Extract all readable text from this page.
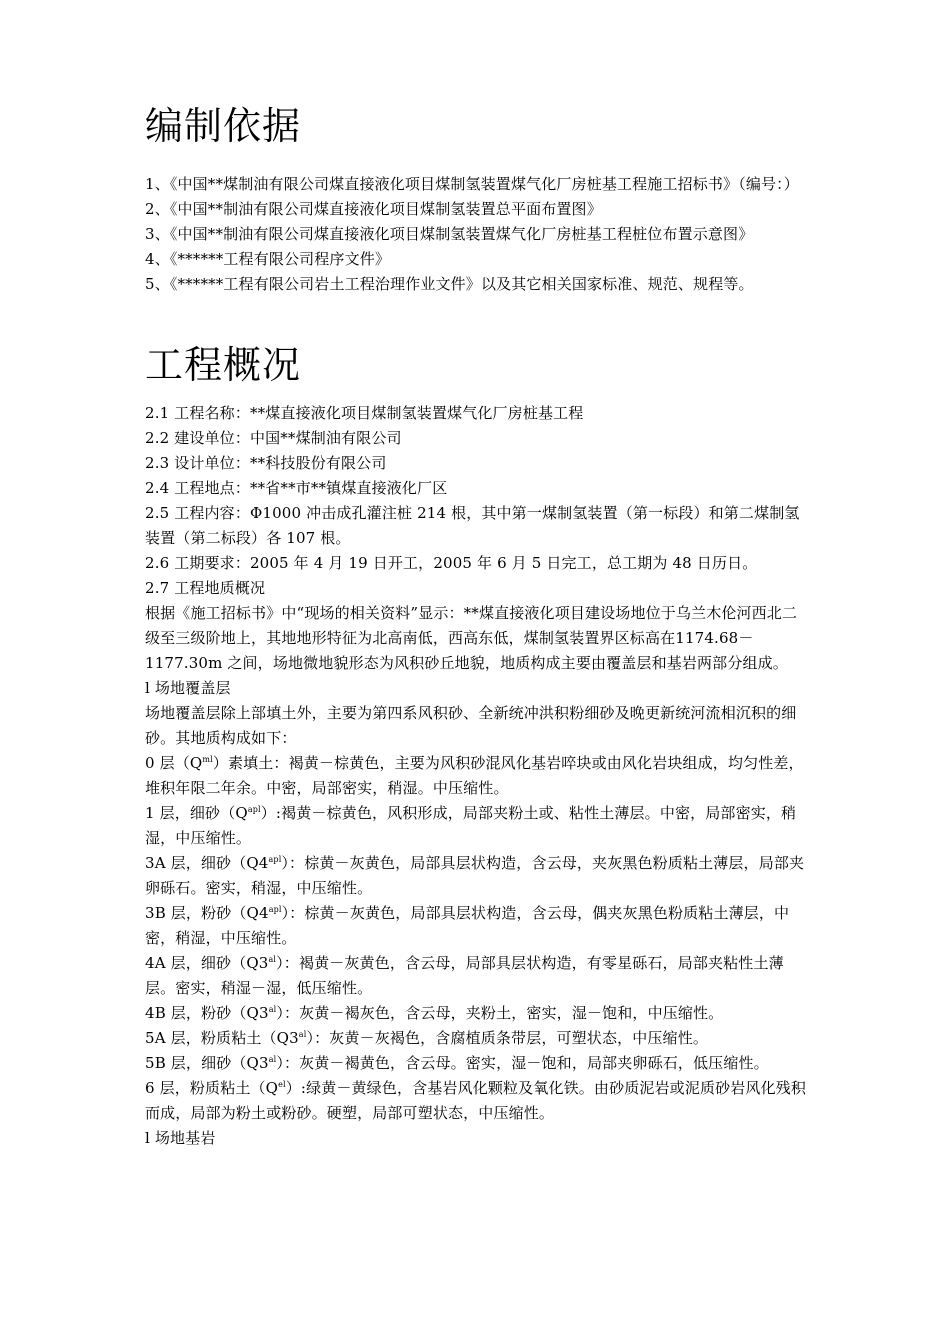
编制依据

1、《中国**煤制油有限公司煤直接液化项目煤制氢装置煤气化厂房桩基工程施工招标书》（编号：）

2、《中国**制油有限公司煤直接液化项目煤制氢装置总平面布置图》

3、《中国**制油有限公司煤直接液化项目煤制氢装置煤气化厂房桩基工程桩位布置示意图》

4、《******工程有限公司程序文件》

5、《******工程有限公司岩土工程治理作业文件》以及其它相关国家标准、规范、规程等。

工程概况

2.1 工程名称：**煤直接液化项目煤制氢装置煤气化厂房桩基工程

2.2 建设单位：中国**煤制油有限公司

2.3 设计单位：**科技股份有限公司

2.4 工程地点：**省**市**镇煤直接液化厂区

2.5 工程内容：Φ1000 冲击成孔灌注桩 214 根，其中第一煤制氢装置（第一标段）和第二煤制氢装置（第二标段）各 107 根。

2.6 工期要求：2005 年 4 月 19 日开工，2005 年 6 月 5 日完工，总工期为 48 日历日。

2.7 工程地质概况

根据《施工招标书》中“现场的相关资料”显示：**煤直接液化项目建设场地位于乌兰木伦河西北二级至三级阶地上，其地地形特征为北高南低，西高东低，煤制氢装置界区标高在1174.68－1177.30m 之间，场地微地貌形态为风积砂丘地貌，地质构成主要由覆盖层和基岩两部分组成。

l 场地覆盖层

场地覆盖层除上部填土外，主要为第四系风积砂、全新统冲洪积粉细砂及晚更新统河流相沉积的细砂。其地质构成如下：

0 层$(Q^{ml})$素填土：褐黄－棕黄色，主要为风积砂混风化基岩啐块或由风化岩块组成，均匀性差，堆积年限二年余。中密，局部密实，稍湿。中压缩性。

1 层，细砂$(Q^{apl})$:褐黄－棕黄色，风积形成，局部夹粉土或、粘性土薄层。中密，局部密实，稍湿，中压缩性。

3A 层，细砂$(Q4^{apl})$：棕黄－灰黄色，局部具层状构造，含云母，夹灰黑色粉质粘土薄层，局部夹卵砾石。密实，稍湿，中压缩性。

3B 层，粉砂$(Q4^{apl})$：棕黄－灰黄色，局部具层状构造，含云母，偶夹灰黑色粉质粘土薄层，中密，稍湿，中压缩性。

4A 层，细砂$(Q3^{al})$：褐黄－灰黄色，含云母，局部具层状构造，有零星砾石，局部夹粘性土薄层。密实，稍湿－湿，低压缩性。

4B 层，粉砂$(Q3^{al})$：灰黄－褐灰色，含云母，夹粉土，密实，湿－饱和，中压缩性。

5A 层，粉质粘土$(Q3^{al})$：灰黄－灰褐色，含腐植质条带层，可塑状态，中压缩性。

5B 层，细砂$(Q3^{al})$：灰黄－褐黄色，含云母。密实，湿－饱和，局部夹卵砾石，低压缩性。

6 层，粉质粘土$(Q^{el})$:绿黄－黄绿色，含基岩风化颗粒及氧化铁。由砂质泥岩或泥质砂岩风化残积而成，局部为粉土或粉砂。硬塑，局部可塑状态，中压缩性。

l 场地基岩
